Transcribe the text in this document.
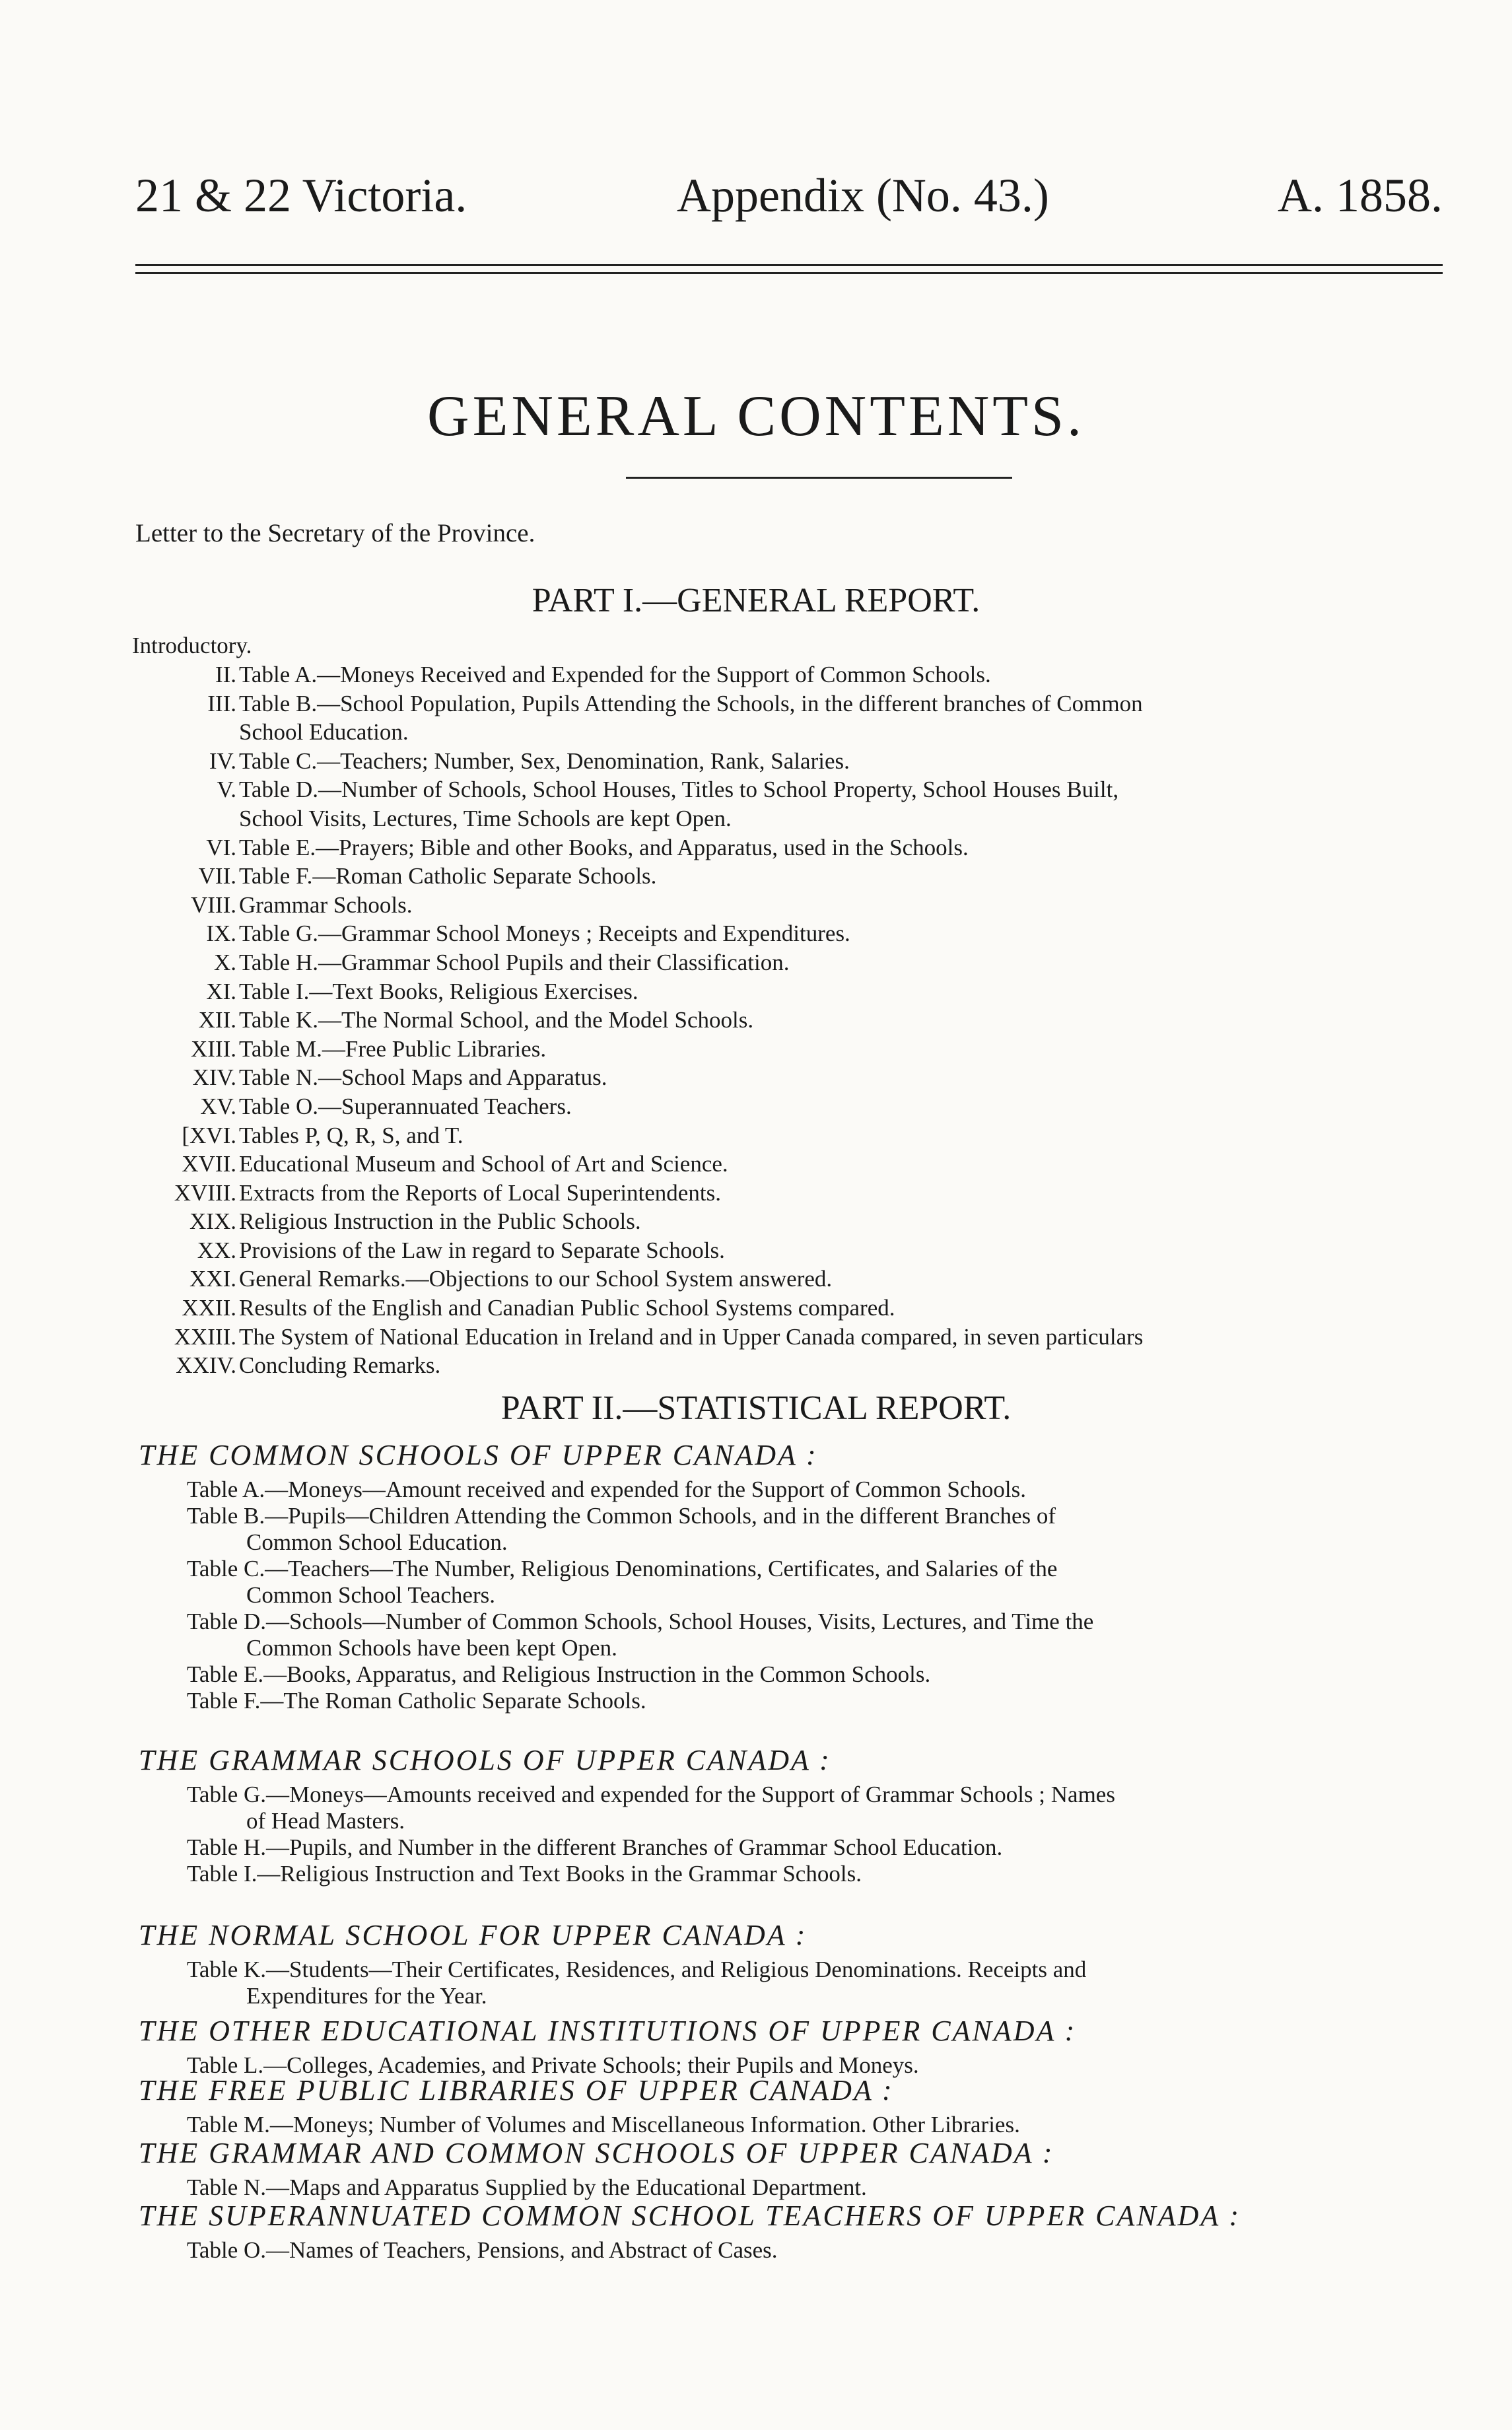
21 & 22 Victoria.	Appendix (No. 43.)	A. 1858.
GENERAL CONTENTS.
Letter to the Secretary of the Province.
PART I.—GENERAL REPORT.
Introductory.
II. Table A.—Moneys Received and Expended for the Support of Common Schools.
III. Table B.—School Population, Pupils Attending the Schools, in the different branches of Common
School Education.
IV. Table C.—Teachers; Number, Sex, Denomination, Rank, Salaries.
V. Table D.—Number of Schools, School Houses, Titles to School Property, School Houses Built,
School Visits, Lectures, Time Schools are kept Open.
VI. Table E.—Prayers; Bible and other Books, and Apparatus, used in the Schools.
VII. Table F.—Roman Catholic Separate Schools.
VIII. Grammar Schools.
IX. Table G.—Grammar School Moneys ; Receipts and Expenditures.
X. Table H.—Grammar School Pupils and their Classification.
XI. Table I.—Text Books, Religious Exercises.
XII. Table K.—The Normal School, and the Model Schools.
XIII. Table M.—Free Public Libraries.
XIV. Table N.—School Maps and Apparatus.
XV. Table O.—Superannuated Teachers.
[XVI. Tables P, Q, R, S, and T.
XVII. Educational Museum and School of Art and Science.
XVIII. Extracts from the Reports of Local Superintendents.
XIX. Religious Instruction in the Public Schools.
XX. Provisions of the Law in regard to Separate Schools.
XXI. General Remarks.—Objections to our School System answered.
XXII. Results of the English and Canadian Public School Systems compared.
XXIII. The System of National Education in Ireland and in Upper Canada compared, in seven particulars
XXIV. Concluding Remarks.
PART II.—STATISTICAL REPORT.
THE COMMON SCHOOLS OF UPPER CANADA :
Table A.—Moneys—Amount received and expended for the Support of Common Schools.
Table B.—Pupils—Children Attending the Common Schools, and in the different Branches of
Common School Education.
Table C.—Teachers—The Number, Religious Denominations, Certificates, and Salaries of the
Common School Teachers.
Table D.—Schools—Number of Common Schools, School Houses, Visits, Lectures, and Time the
Common Schools have been kept Open.
Table E.—Books, Apparatus, and Religious Instruction in the Common Schools.
Table F.—The Roman Catholic Separate Schools.
THE GRAMMAR SCHOOLS OF UPPER CANADA :
Table G.—Moneys—Amounts received and expended for the Support of Grammar Schools ; Names
of Head Masters.
Table H.—Pupils, and Number in the different Branches of Grammar School Education.
Table I.—Religious Instruction and Text Books in the Grammar Schools.
THE NORMAL SCHOOL FOR UPPER CANADA :
Table K.—Students—Their Certificates, Residences, and Religious Denominations. Receipts and
Expenditures for the Year.
THE OTHER EDUCATIONAL INSTITUTIONS OF UPPER CANADA :
Table L.—Colleges, Academies, and Private Schools; their Pupils and Moneys.
THE FREE PUBLIC LIBRARIES OF UPPER CANADA :
Table M.—Moneys; Number of Volumes and Miscellaneous Information. Other Libraries.
THE GRAMMAR AND COMMON SCHOOLS OF UPPER CANADA :
Table N.—Maps and Apparatus Supplied by the Educational Department.
THE SUPERANNUATED COMMON SCHOOL TEACHERS OF UPPER CANADA :
Table O.—Names of Teachers, Pensions, and Abstract of Cases.
